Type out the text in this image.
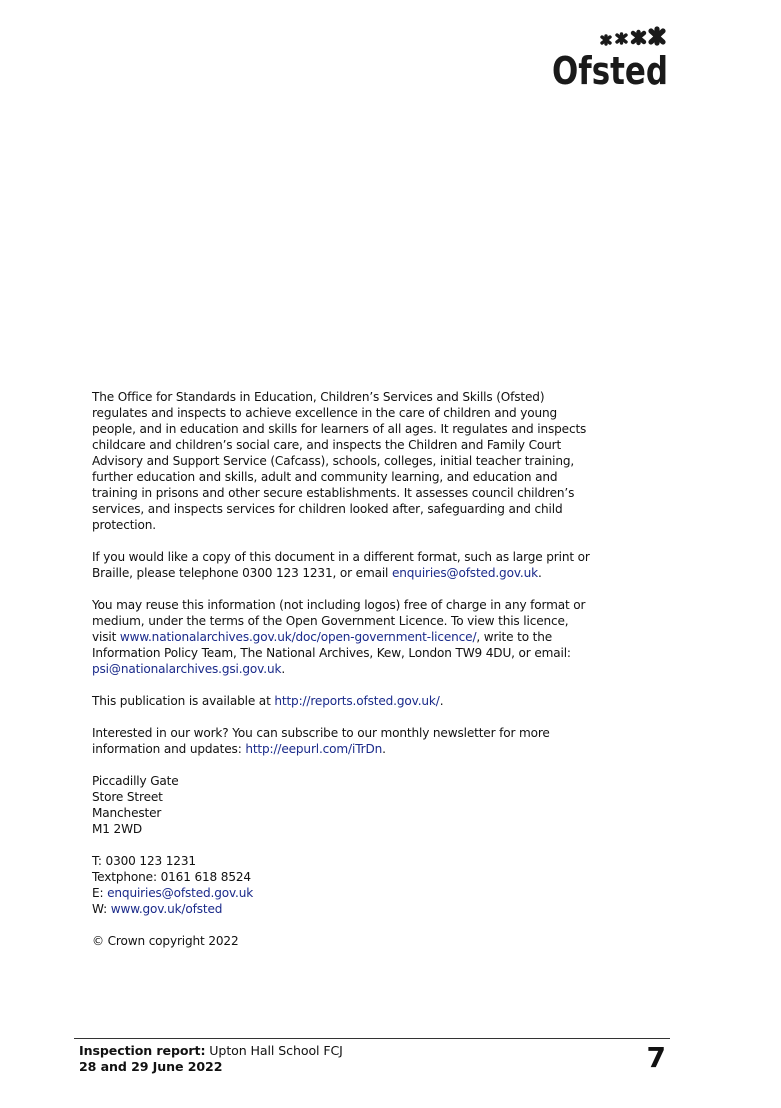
Ofsted

The Office for Standards in Education, Children’s Services and Skills (Ofsted) regulates and inspects to achieve excellence in the care of children and young people, and in education and skills for learners of all ages. It regulates and inspects childcare and children’s social care, and inspects the Children and Family Court Advisory and Support Service (Cafcass), schools, colleges, initial teacher training, further education and skills, adult and community learning, and education and training in prisons and other secure establishments. It assesses council children’s services, and inspects services for children looked after, safeguarding and child protection.

If you would like a copy of this document in a different format, such as large print or Braille, please telephone 0300 123 1231, or email enquiries@ofsted.gov.uk.

You may reuse this information (not including logos) free of charge in any format or medium, under the terms of the Open Government Licence. To view this licence, visit www.nationalarchives.gov.uk/doc/open-government-licence/, write to the Information Policy Team, The National Archives, Kew, London TW9 4DU, or email: psi@nationalarchives.gsi.gov.uk.

This publication is available at http://reports.ofsted.gov.uk/.

Interested in our work? You can subscribe to our monthly newsletter for more information and updates: http://eepurl.com/iTrDn.

Piccadilly Gate
Store Street
Manchester
M1 2WD
T: 0300 123 1231
Textphone: 0161 618 8524
E: enquiries@ofsted.gov.uk
W: www.gov.uk/ofsted

© Crown copyright 2022

Inspection report: Upton Hall School FCJ
28 and 29 June 2022	7
